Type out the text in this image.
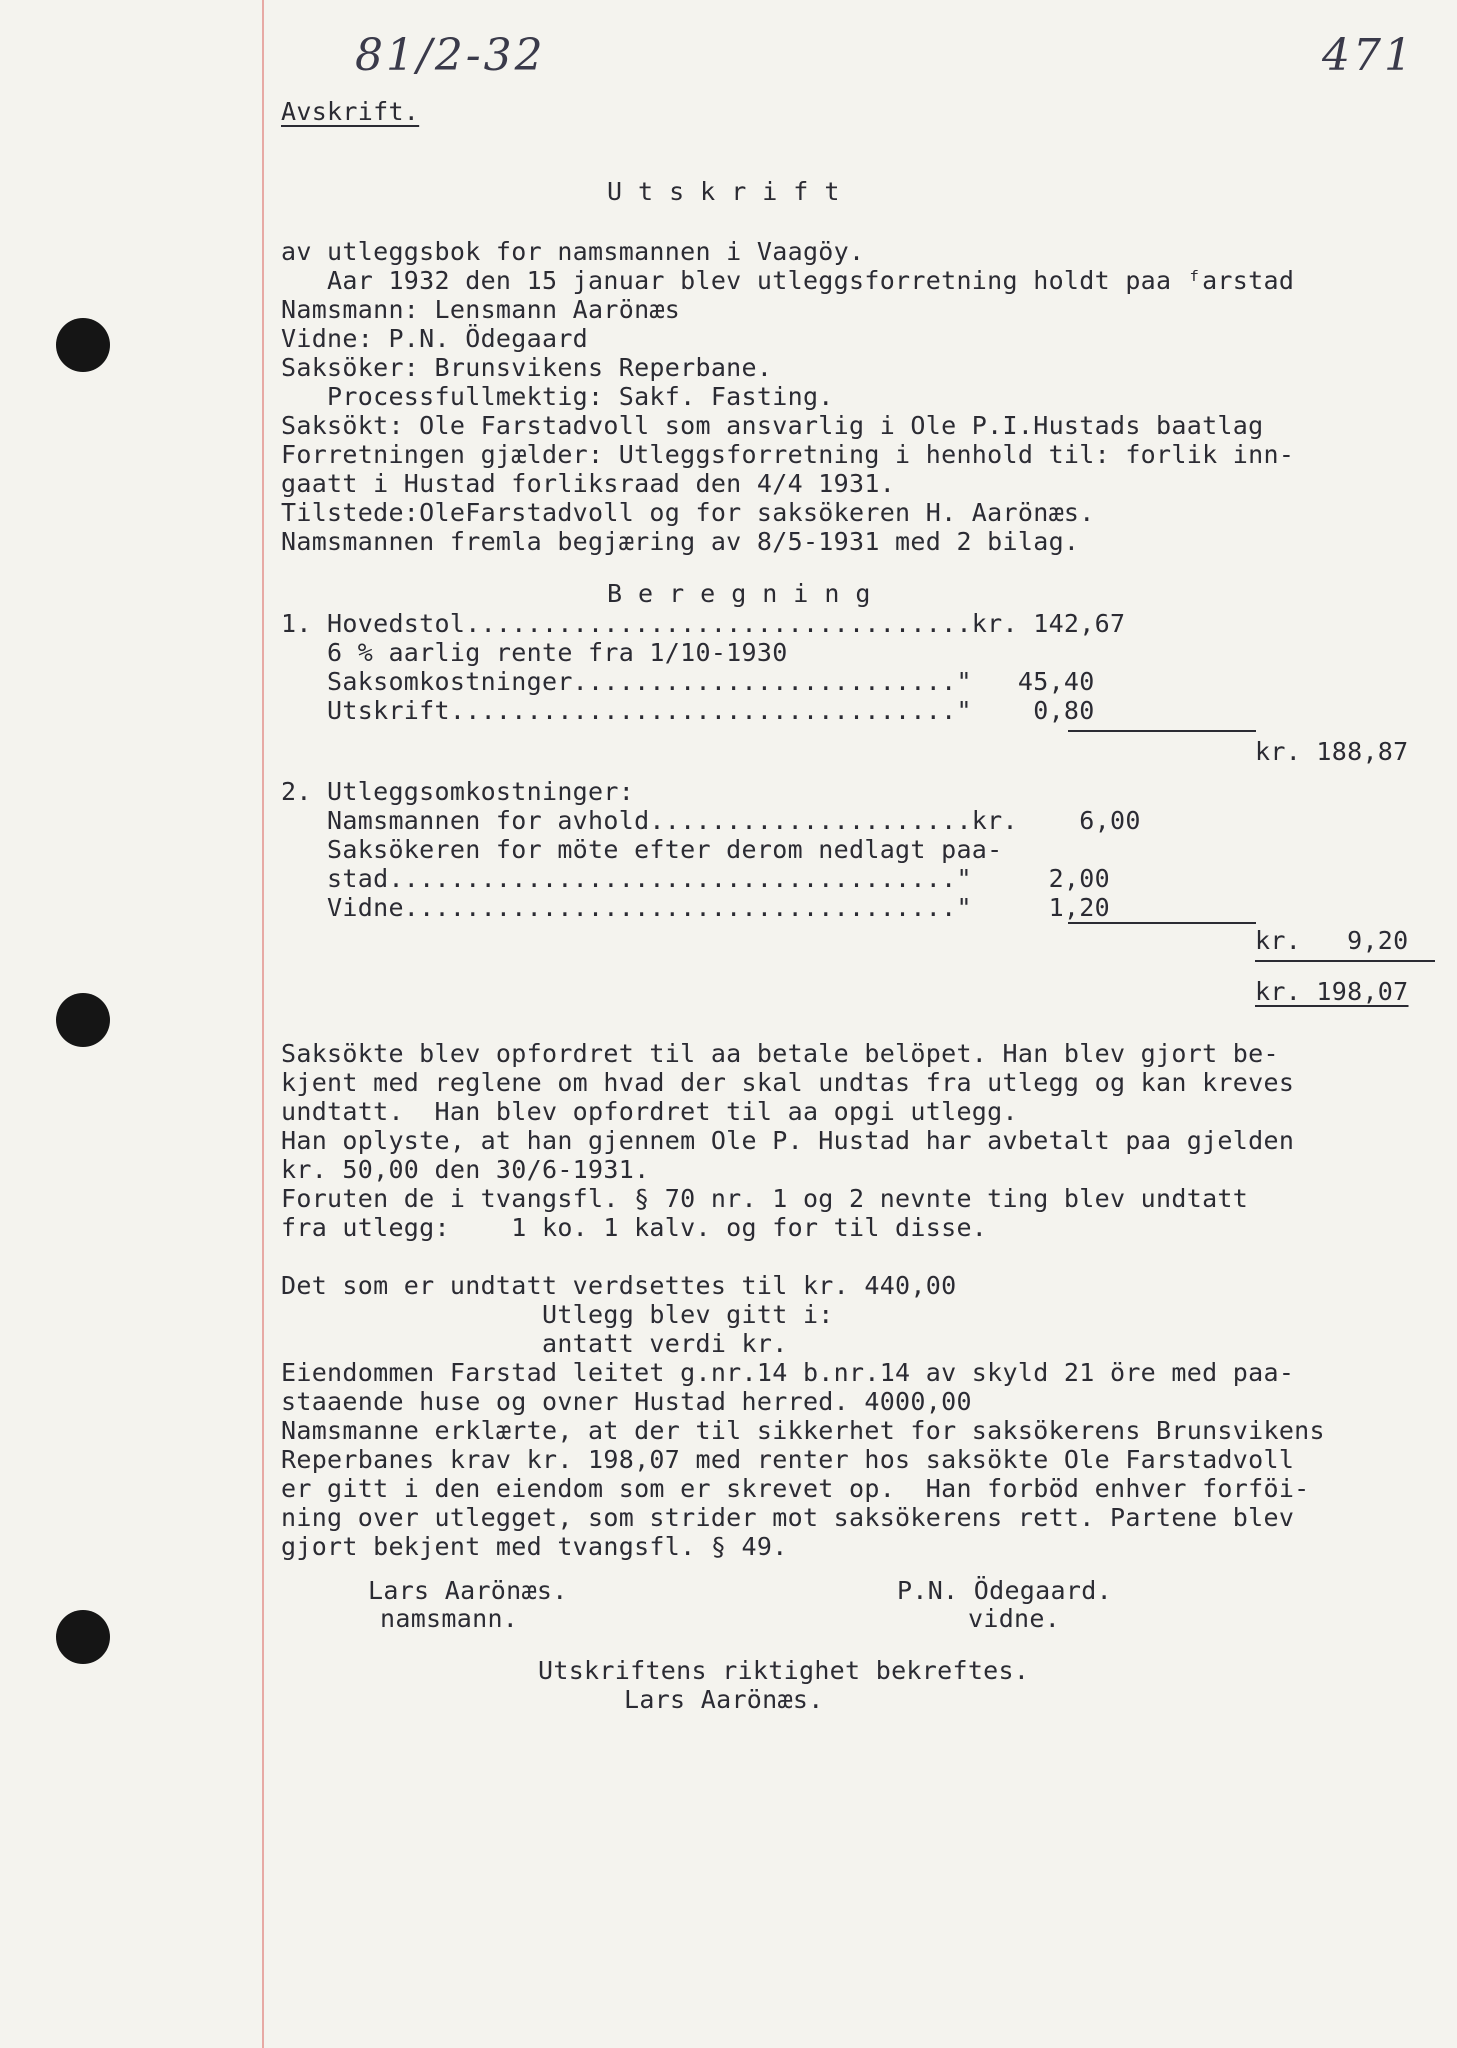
81/2-32	471
Avskrift.
Utskrift
av utleggsbok for namsmannen i Vaagöy.
Aar 1932 den 15 januar blev utleggsforretning holdt paa ᶠarstad
Namsmann: Lensmann Aarönæs
Vidne: P.N. Ödegaard
Saksöker: Brunsvikens Reperbane.
Processfullmektig: Sakf. Fasting.
Saksökt: Ole Farstadvoll som ansvarlig i Ole P.I.Hustads baatlag
Forretningen gjælder: Utleggsforretning i henhold til: forlik inn-
gaatt i Hustad forliksraad den 4/4 1931.
Tilstede:OleFarstadvoll og for saksökeren H. Aarönæs.
Namsmannen fremla begjæring av 8/5-1931 med 2 bilag.
Beregning
1. Hovedstol.................................kr. 142,67
6 % aarlig rente fra 1/10-1930
Saksomkostninger........................."   45,40
Utskrift................................."    0,80
kr. 188,87
2. Utleggsomkostninger:
Namsmannen for avhold.....................kr.    6,00
Saksökeren for möte efter derom nedlagt paa-
stad....................................."     2,00
Vidne...................................."     1,20
kr.   9,20
kr. 198,07
Saksökte blev opfordret til aa betale belöpet. Han blev gjort be-
kjent med reglene om hvad der skal undtas fra utlegg og kan kreves
undtatt.  Han blev opfordret til aa opgi utlegg.
Han oplyste, at han gjennem Ole P. Hustad har avbetalt paa gjelden
kr. 50,00 den 30/6-1931.
Foruten de i tvangsfl. § 70 nr. 1 og 2 nevnte ting blev undtatt
fra utlegg:    1 ko. 1 kalv. og for til disse.
Det som er undtatt verdsettes til kr. 440,00
Utlegg blev gitt i:
antatt verdi kr.
Eiendommen Farstad leitet g.nr.14 b.nr.14 av skyld 21 öre med paa-
staaende huse og ovner Hustad herred. 4000,00
Namsmanne erklærte, at der til sikkerhet for saksökerens Brunsvikens
Reperbanes krav kr. 198,07 med renter hos saksökte Ole Farstadvoll
er gitt i den eiendom som er skrevet op.  Han forböd enhver forföi-
ning over utlegget, som strider mot saksökerens rett. Partene blev
gjort bekjent med tvangsfl. § 49.
Lars Aarönæs.
namsmann.
P.N. Ödegaard.
vidne.
Utskriftens riktighet bekreftes.
Lars Aarönæs.
